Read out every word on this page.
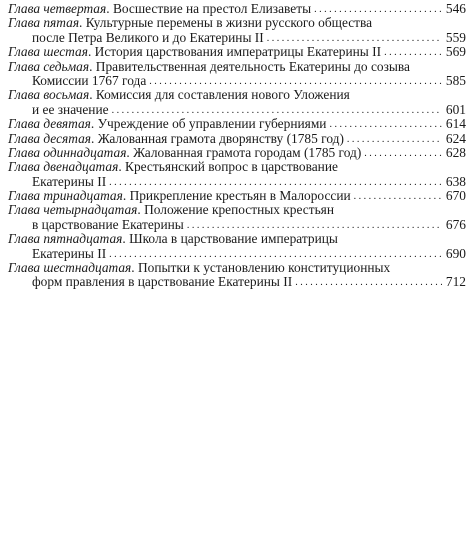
Глава четвертая. Восшествие на престол Елизаветы . . .	546
Глава пятая. Культурные перемены в жизни русского общества
после Петра Великого и до Екатерины II . . .	559
Глава шестая. История царствования императрицы Екатерины II . . .	569
Глава седьмая. Правительственная деятельность Екатерины до созыва
Комиссии 1767 года . . .	585
Глава восьмая. Комиссия для составления нового Уложения
и ее значение . . .	601
Глава девятая. Учреждение об управлении губерниями . . .	614
Глава десятая. Жалованная грамота дворянству (1785 год) . . .	624
Глава одиннадцатая. Жалованная грамота городам (1785 год) . . .	628
Глава двенадцатая. Крестьянский вопрос в царствование
Екатерины II . . .	638
Глава тринадцатая. Прикрепление крестьян в Малороссии . . .	670
Глава четырнадцатая. Положение крепостных крестьян
в царствование Екатерины . . .	676
Глава пятнадцатая. Школа в царствование императрицы
Екатерины II . . .	690
Глава шестнадцатая. Попытки к установлению конституционных
форм правления в царствование Екатерины II . . .	712
